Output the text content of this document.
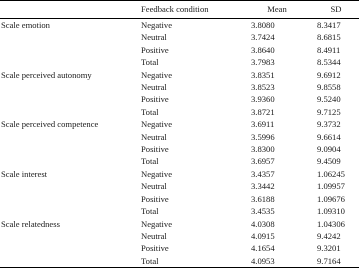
	Feedback condition	Mean	SD
Scale emotion	Negative	3.8080	8.3417
	Neutral	3.7424	8.6815
	Positive	3.8640	8.4911
	Total	3.7983	8.5344
Scale perceived autonomy	Negative	3.8351	9.6912
	Neutral	3.8523	9.8558
	Positive	3.9360	9.5240
	Total	3.8721	9.7125
Scale perceived competence	Negative	3.6911	9.3732
	Neutral	3.5996	9.6614
	Positive	3.8300	9.0904
	Total	3.6957	9.4509
Scale interest	Negative	3.4357	1.06245
	Neutral	3.3442	1.09957
	Positive	3.6188	1.09676
	Total	3.4535	1.09310
Scale relatedness	Negative	4.0308	1.04306
	Neutral	4.0915	9.4242
	Positive	4.1654	9.3201
	Total	4.0953	9.7164
